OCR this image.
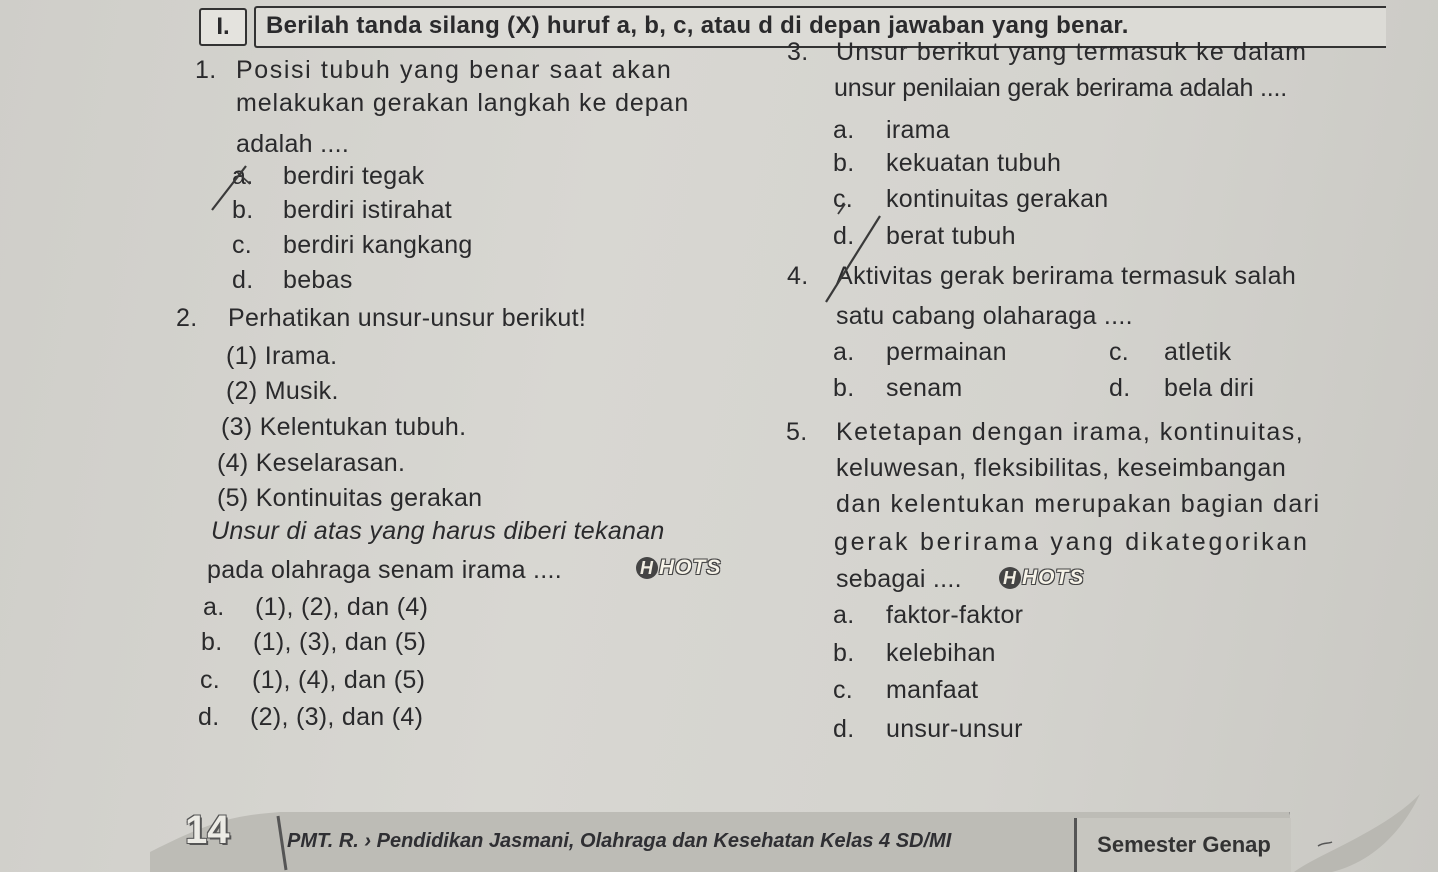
I.	Berilah tanda silang (X) huruf a, b, c, atau d di depan jawaban yang benar.
1. Posisi tubuh yang benar saat akan
melakukan gerakan langkah ke depan
adalah ....
a. berdiri tegak
b. berdiri istirahat
c. berdiri kangkang
d. bebas
2. Perhatikan unsur-unsur berikut!
(1) Irama.
(2) Musik.
(3) Kelentukan tubuh.
(4) Keselarasan.
(5) Kontinuitas gerakan
Unsur di atas yang harus diberi tekanan
pada olahraga senam irama ....	H HOTS
a. (1), (2), dan (4)
b. (1), (3), dan (5)
c. (1), (4), dan (5)
d. (2), (3), dan (4)
3. Unsur berikut yang termasuk ke dalam
unsur penilaian gerak berirama adalah ....
a. irama
b. kekuatan tubuh
c. kontinuitas gerakan
d. berat tubuh
4. Aktivitas gerak berirama termasuk salah
satu cabang olaharaga ....
a. permainan
b. senam
c. atletik
d. bela diri
5. Ketetapan dengan irama, kontinuitas,
keluwesan, fleksibilitas, keseimbangan
dan kelentukan merupakan bagian dari
gerak berirama yang dikategorikan
sebagai .... H HOTS
a. faktor-faktor
b. kelebihan
c. manfaat
d. unsur-unsur
14	PMT. R. › Pendidikan Jasmani, Olahraga dan Kesehatan Kelas 4 SD/MI	Semester Genap
